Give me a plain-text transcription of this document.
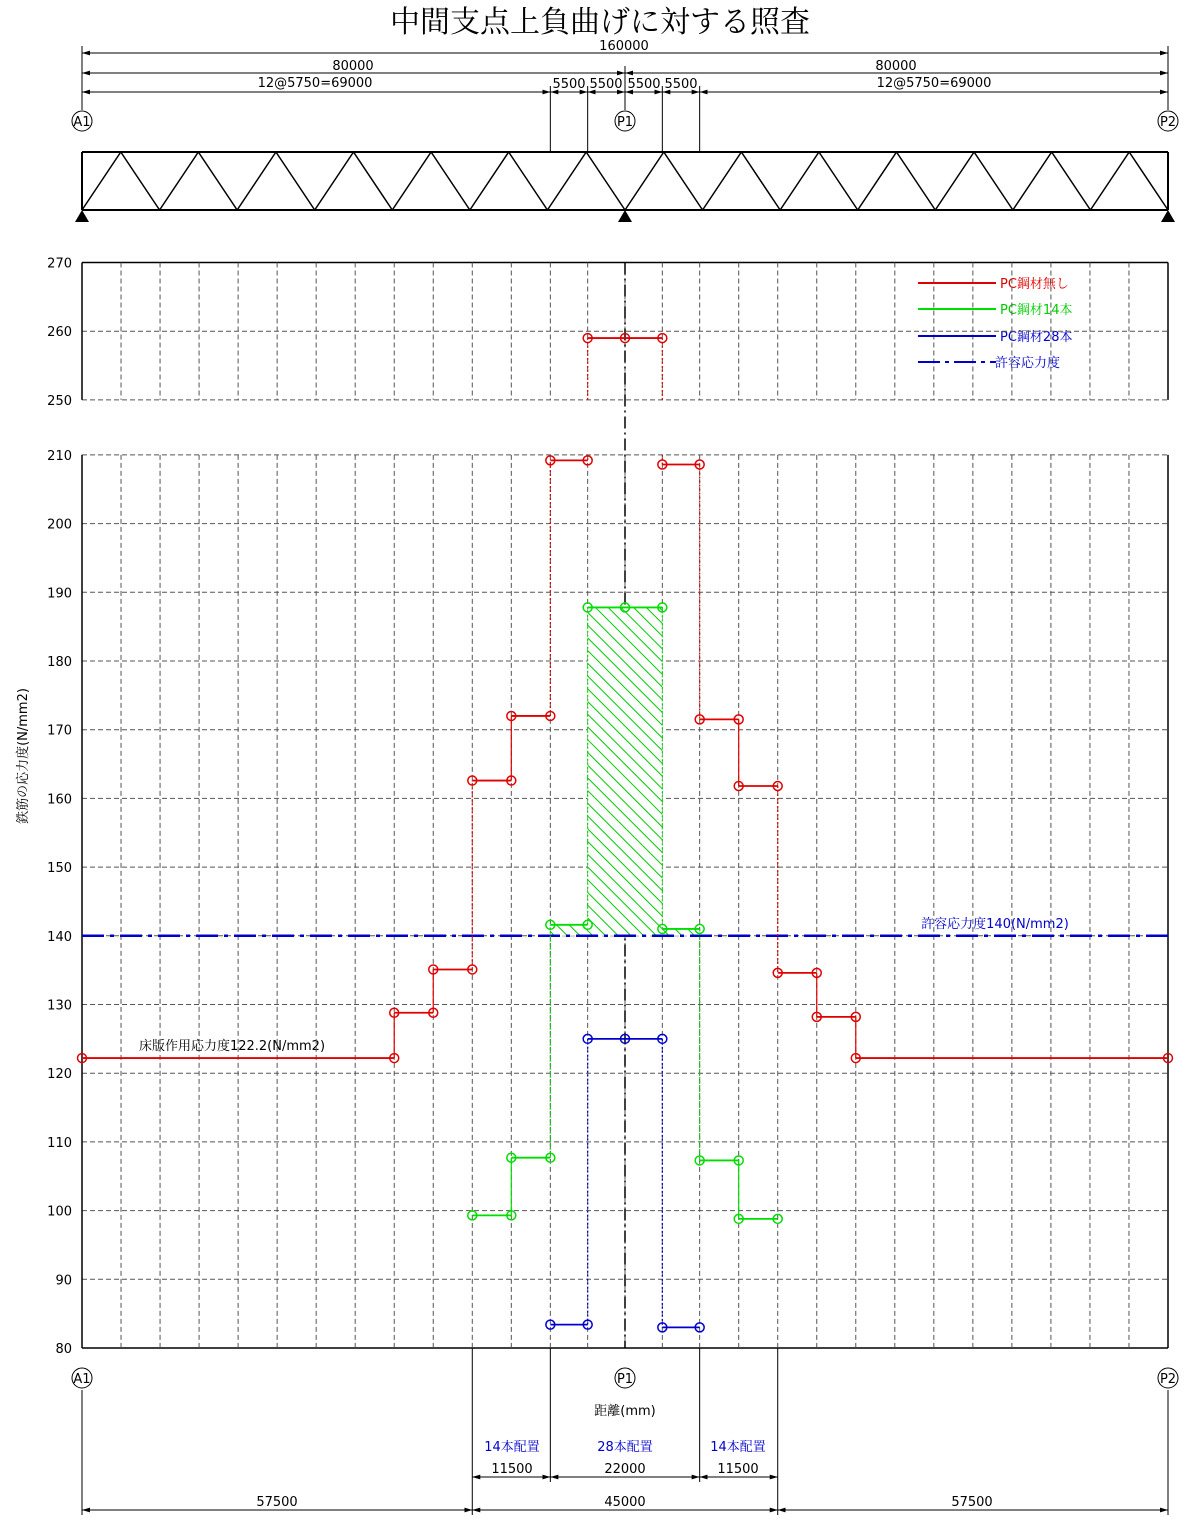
中間支点上負曲げに対する照査
160000
80000	80000
12@5750=69000	12@5750=69000
5500 5500 5500 5500
A1	P1	P2
A1	P1	P2
距離(mm)
鉄筋の応力度(N/mm2)
14本配置	28本配置	14本配置
11500	22000	11500
57500	45000	57500
許容応力度140(N/mm2)
床版作用応力度122.2(N/mm2)
PC鋼材無し
PC鋼材14本
PC鋼材28本
許容応力度
80
90
100
110
120
130
140
150
160
170
180
190
200
210
250
260
270
